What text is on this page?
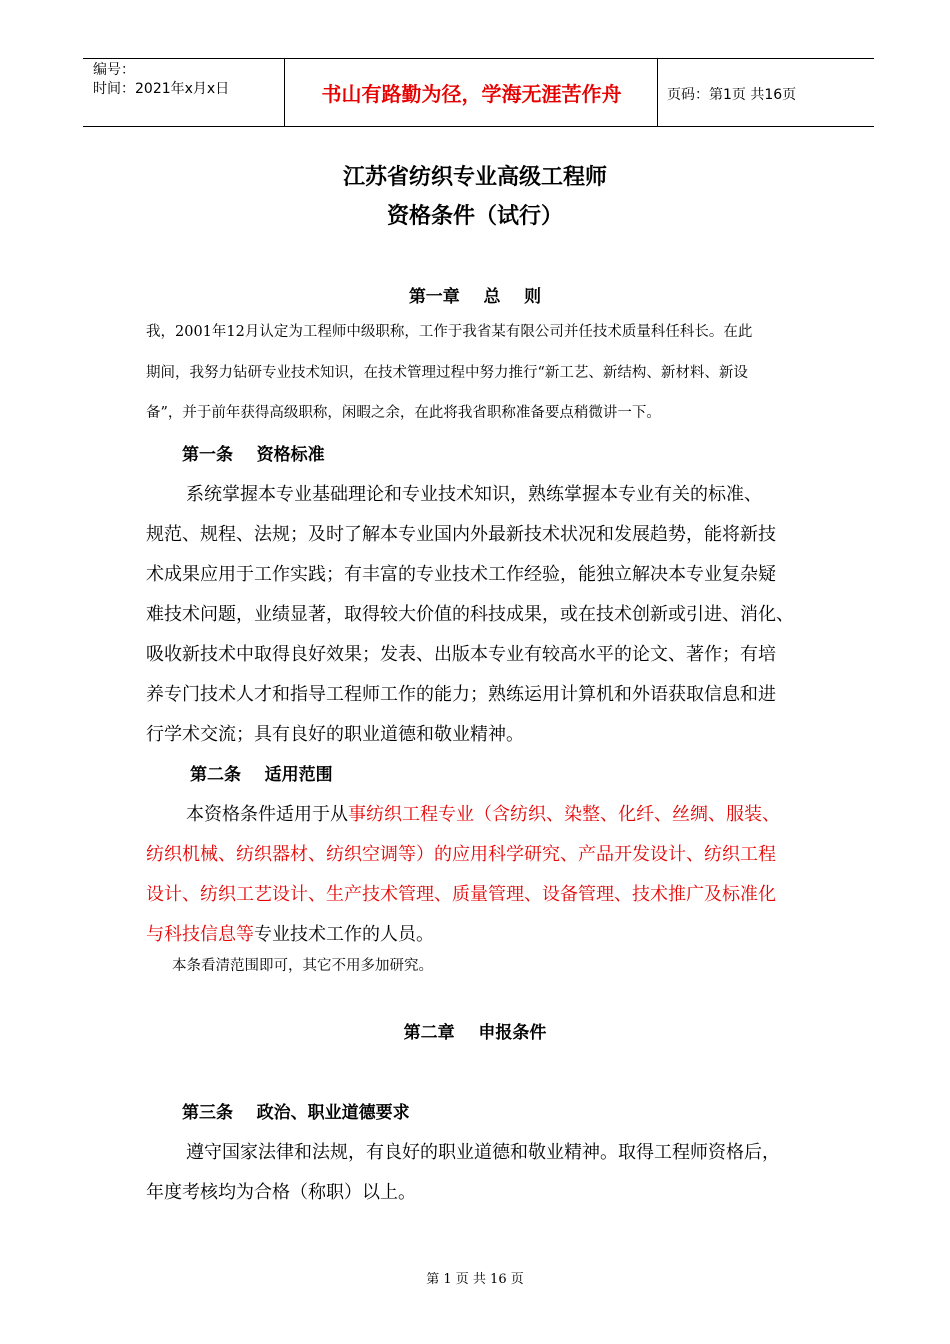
编号：
时间：2021年x月x日	书山有路勤为径，学海无涯苦作舟	页码：第1页 共16页
江苏省纺织专业高级工程师
资格条件（试行）
第一章    总    则
我，2001年12月认定为工程师中级职称，工作于我省某有限公司并任技术质量科任科长。在此
期间，我努力钻研专业技术知识，在技术管理过程中努力推行“新工艺、新结构、新材料、新设
备”，并于前年获得高级职称，闲暇之余，在此将我省职称准备要点稍微讲一下。
第一条    资格标准
系统掌握本专业基础理论和专业技术知识，熟练掌握本专业有关的标准、
规范、规程、法规；及时了解本专业国内外最新技术状况和发展趋势，能将新技
术成果应用于工作实践；有丰富的专业技术工作经验，能独立解决本专业复杂疑
难技术问题，业绩显著，取得较大价值的科技成果，或在技术创新或引进、消化、
吸收新技术中取得良好效果；发表、出版本专业有较高水平的论文、著作；有培
养专门技术人才和指导工程师工作的能力；熟练运用计算机和外语获取信息和进
行学术交流；具有良好的职业道德和敬业精神。
第二条    适用范围
本资格条件适用于从事纺织工程专业（含纺织、染整、化纤、丝绸、服装、
纺织机械、纺织器材、纺织空调等）的应用科学研究、产品开发设计、纺织工程
设计、纺织工艺设计、生产技术管理、质量管理、设备管理、技术推广及标准化
与科技信息等专业技术工作的人员。
本条看清范围即可，其它不用多加研究。
第二章    申报条件
第三条    政治、职业道德要求
遵守国家法律和法规，有良好的职业道德和敬业精神。取得工程师资格后，
年度考核均为合格（称职）以上。
第 1 页 共 16 页
